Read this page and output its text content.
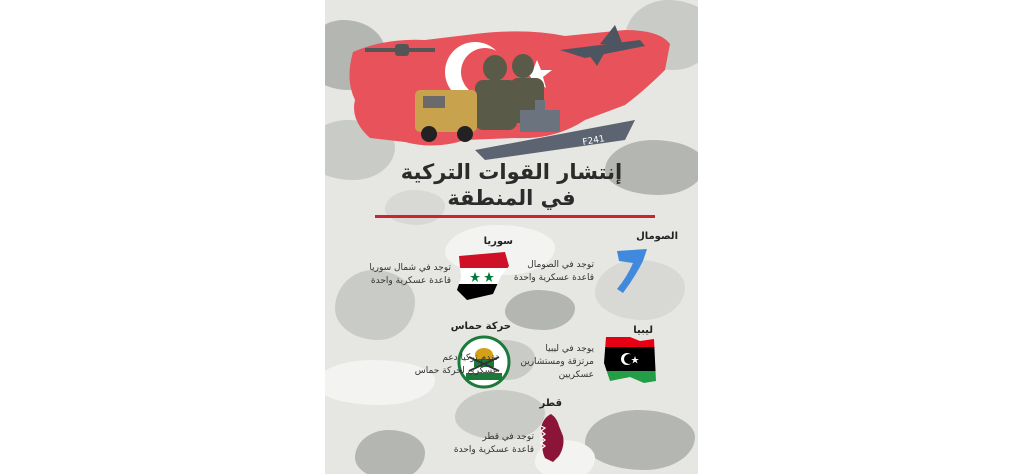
F241
إنتشار القوات التركية
في المنطقة
الصومال
توجد في الصومال
قاعدة عسكرية واحدة
سوريا
توجد في شمال سوريا
قاعدة عسكرية واحدة
ليبيا
يوجد في ليبيا
مرتزقة ومستشارين
عسكريين
حركة حماس
تقدم تركيا دعم
عسكري لحركة حماس
قطر
توجد في قطر
قاعدة عسكرية واحدة
